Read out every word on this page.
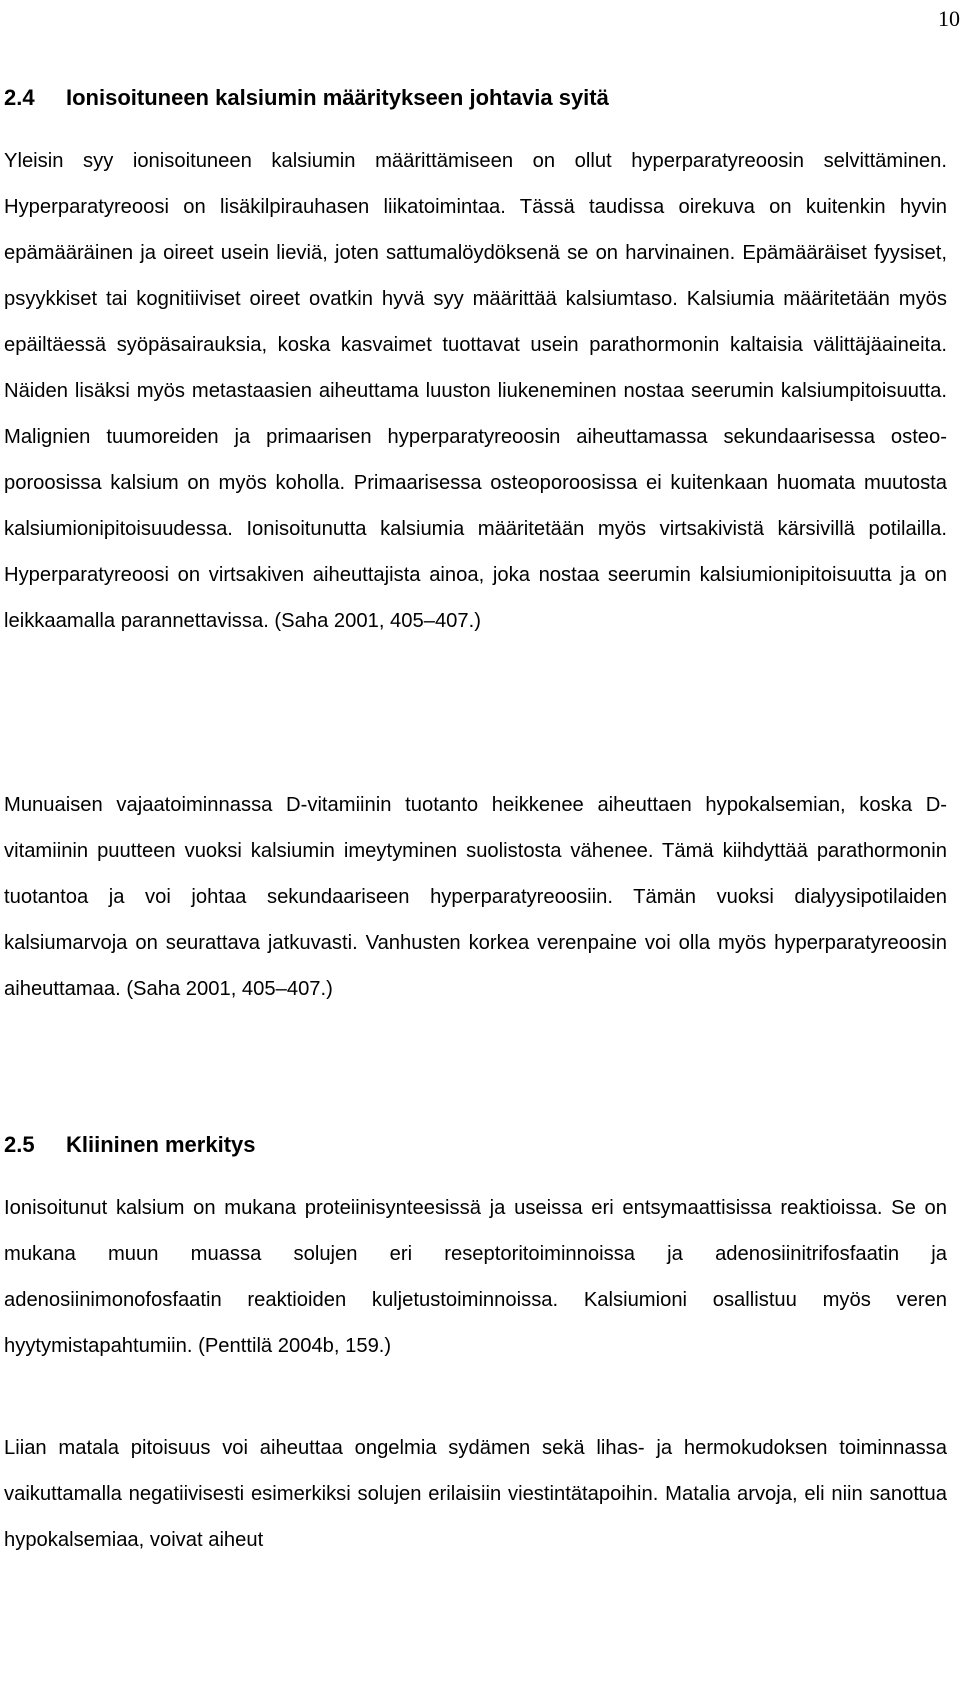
10
2.4 Ionisoituneen kalsiumin määritykseen johtavia syitä

Yleisin syy ionisoituneen kalsiumin määrittämiseen on ollut hyperparatyreoosin selvittäminen. Hyperparatyreoosi on lisäkilpirauhasen liikatoimintaa. Tässä taudissa oirekuva on kuitenkin hyvin epämääräinen ja oireet usein lieviä, joten sattumalöydöksenä se on harvinainen. Epämääräiset fyysiset, psyykkiset tai kognitiiviset oireet ovatkin hyvä syy määrittää kalsiumtaso. Kalsiumia määritetään myös epäiltäessä syöpäsairauksia, koska kasvaimet tuottavat usein parathormonin kaltaisia välittäjäaineita. Näiden lisäksi myös metastaasien aiheuttama luuston liukeneminen nostaa seerumin kalsiumpitoisuutta. Malignien tuumoreiden ja primaarisen hyperparatyreoosin aiheuttamassa sekundaarisessa osteoporoosissa kalsium on myös koholla. Primaarisessa osteoporoosissa ei kuitenkaan huomata muutosta kalsiumionipitoisuudessa. Ionisoitunutta kalsiumia määritetään myös virtsakivistä kärsivillä potilailla. Hyperparatyreoosi on virtsakiven aiheuttajista ainoa, joka nostaa seerumin kalsiumionipitoisuutta ja on leikkaamalla parannettavissa. (Saha 2001, 405–407.)

Munuaisen vajaatoiminnassa D-vitamiinin tuotanto heikkenee aiheuttaen hypokalsemian, koska D-vitamiinin puutteen vuoksi kalsiumin imeytyminen suolistosta vähenee. Tämä kiihdyttää parathormonin tuotantoa ja voi johtaa sekundaariseen hyperparatyreoosiin. Tämän vuoksi dialyysipotilaiden kalsiumarvoja on seurattava jatkuvasti. Vanhusten korkea verenpaine voi olla myös hyperparatyreoosin aiheuttamaa. (Saha 2001, 405–407.)

2.5 Kliininen merkitys

Ionisoitunut kalsium on mukana proteiinisynteesissä ja useissa eri entsymaattisissa reaktioissa. Se on mukana muun muassa solujen eri reseptoritoiminnoissa ja adenosiinitrifosfaatin ja adenosiinimonofosfaatin reaktioiden kuljetustoiminnoissa. Kalsiumioni osallistuu myös veren hyytymistapahtumiin. (Penttilä 2004b, 159.)

Liian matala pitoisuus voi aiheuttaa ongelmia sydämen sekä lihas- ja hermokudoksen toiminnassa vaikuttamalla negatiivisesti esimerkiksi solujen erilaisiin viestintätapoihin. Matalia arvoja, eli niin sanottua hypokalsemiaa, voivat aiheut
